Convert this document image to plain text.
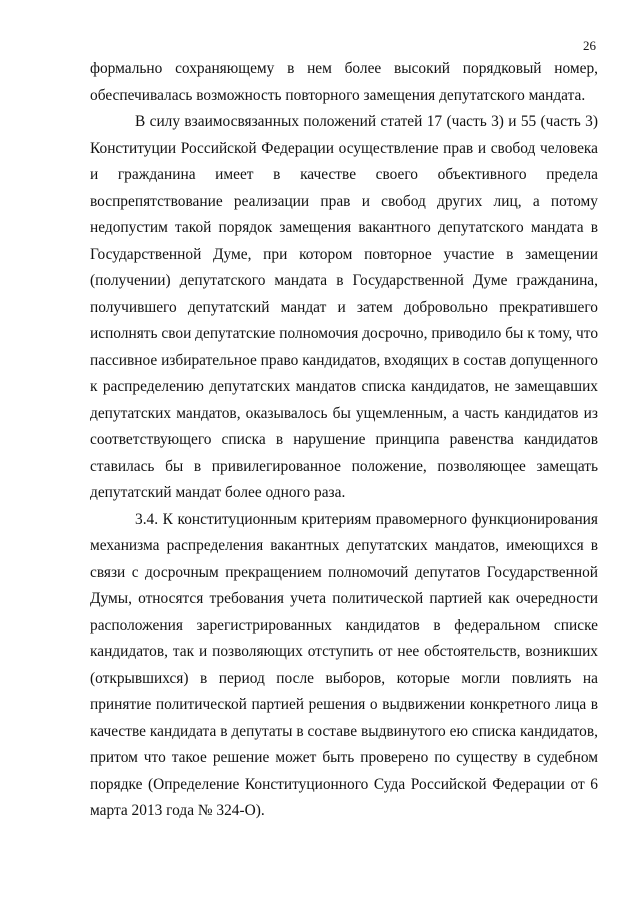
26
формально сохраняющему в нем более высокий порядковый номер,
обеспечивалась возможность повторного замещения депутатского мандата.
В силу взаимосвязанных положений статей 17 (часть 3) и 55 (часть 3)
Конституции Российской Федерации осуществление прав и свобод человека
и гражданина имеет в качестве своего объективного предела
воспрепятствование реализации прав и свобод других лиц, а потому
недопустим такой порядок замещения вакантного депутатского мандата в
Государственной Думе, при котором повторное участие в замещении
(получении) депутатского мандата в Государственной Думе гражданина,
получившего депутатский мандат и затем добровольно прекратившего
исполнять свои депутатские полномочия досрочно, приводило бы к тому, что
пассивное избирательное право кандидатов, входящих в состав допущенного
к распределению депутатских мандатов списка кандидатов, не замещавших
депутатских мандатов, оказывалось бы ущемленным, а часть кандидатов из
соответствующего списка в нарушение принципа равенства кандидатов
ставилась бы в привилегированное положение, позволяющее замещать
депутатский мандат более одного раза.
3.4. К конституционным критериям правомерного функционирования
механизма распределения вакантных депутатских мандатов, имеющихся в
связи с досрочным прекращением полномочий депутатов Государственной
Думы, относятся требования учета политической партией как очередности
расположения зарегистрированных кандидатов в федеральном списке
кандидатов, так и позволяющих отступить от нее обстоятельств, возникших
(открывшихся) в период после выборов, которые могли повлиять на
принятие политической партией решения о выдвижении конкретного лица в
качестве кандидата в депутаты в составе выдвинутого ею списка кандидатов,
притом что такое решение может быть проверено по существу в судебном
порядке (Определение Конституционного Суда Российской Федерации от 6
марта 2013 года № 324-О).
